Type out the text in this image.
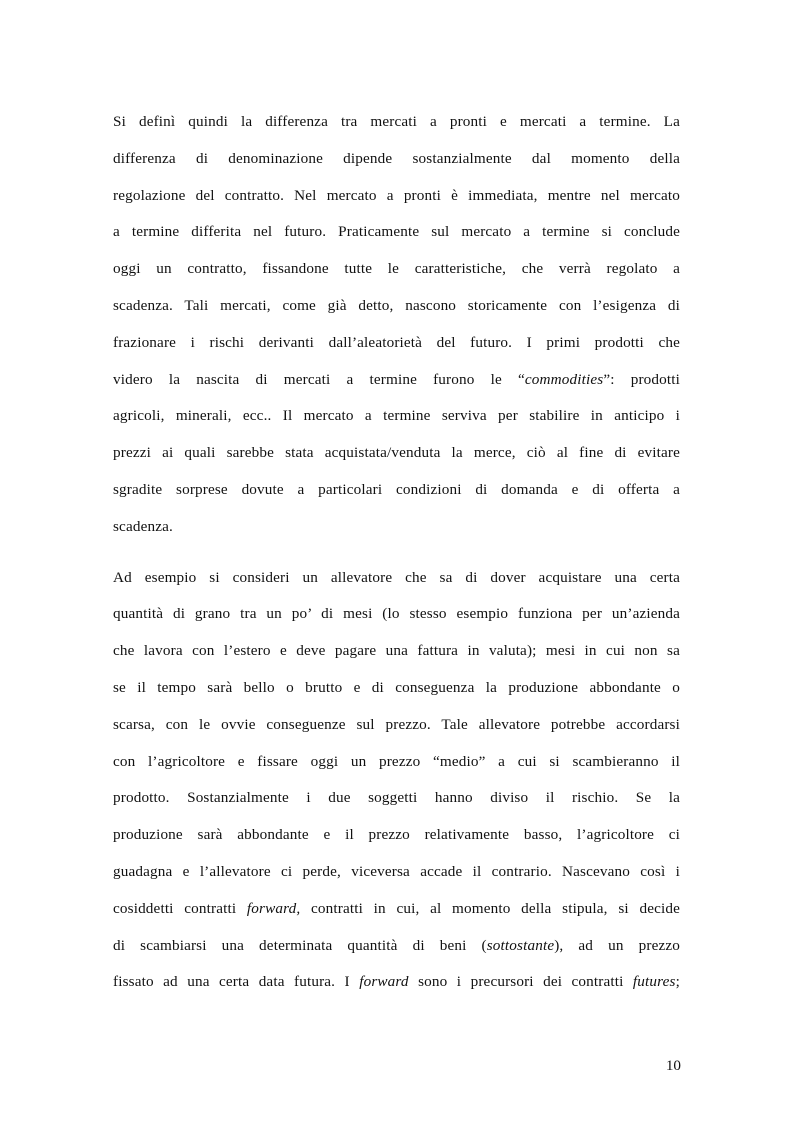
Si definì quindi la differenza tra mercati a pronti e mercati a termine. La
differenza di denominazione dipende sostanzialmente dal momento della
regolazione del contratto. Nel mercato a pronti è immediata, mentre nel mercato
a termine differita nel futuro. Praticamente sul mercato a termine si conclude
oggi un contratto, fissandone tutte le caratteristiche, che verrà regolato a
scadenza. Tali mercati, come già detto, nascono storicamente con l’esigenza di
frazionare i rischi derivanti dall’aleatorietà del futuro. I primi prodotti che
videro la nascita di mercati a termine furono le “commodities”: prodotti
agricoli, minerali, ecc.. Il mercato a termine serviva per stabilire in anticipo i
prezzi ai quali sarebbe stata acquistata/venduta la merce, ciò al fine di evitare
sgradite sorprese dovute a particolari condizioni di domanda e di offerta a
scadenza.

Ad esempio si consideri un allevatore che sa di dover acquistare una certa
quantità di grano tra un po’ di mesi (lo stesso esempio funziona per un’azienda
che lavora con l’estero e deve pagare una fattura in valuta); mesi in cui non sa
se il tempo sarà bello o brutto e di conseguenza la produzione abbondante o
scarsa, con le ovvie conseguenze sul prezzo. Tale allevatore potrebbe accordarsi
con l’agricoltore e fissare oggi un prezzo “medio” a cui si scambieranno il
prodotto. Sostanzialmente i due soggetti hanno diviso il rischio. Se la
produzione sarà abbondante e il prezzo relativamente basso, l’agricoltore ci
guadagna e l’allevatore ci perde, viceversa accade il contrario. Nascevano così i
cosiddetti contratti forward, contratti in cui, al momento della stipula, si decide
di scambiarsi una determinata quantità di beni (sottostante), ad un prezzo
fissato ad una certa data futura. I forward sono i precursori dei contratti futures;

10
